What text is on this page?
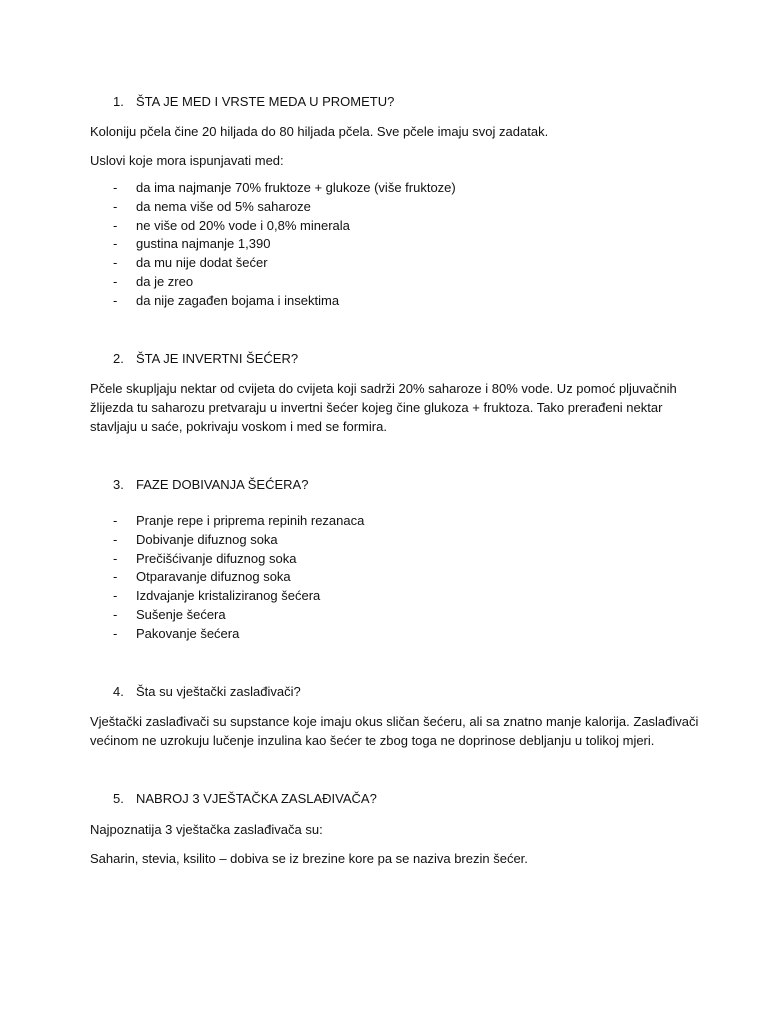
1. ŠTA JE MED I VRSTE MEDA U PROMETU?

Koloniju pčela čine 20 hiljada do 80 hiljada pčela. Sve pčele imaju svoj zadatak.

Uslovi koje mora ispunjavati med:

- da ima najmanje 70% fruktoze + glukoze (više fruktoze)
- da nema više od 5% saharoze
- ne više od 20% vode i 0,8% minerala
- gustina najmanje 1,390
- da mu nije dodat šećer
- da je zreo
- da nije zagađen bojama i insektima
2. ŠTA JE INVERTNI ŠEĆER?

Pčele skupljaju nektar od cvijeta do cvijeta koji sadrži 20% saharoze i 80% vode. Uz pomoć pljuvačnih

žlijezda tu saharozu pretvaraju u invertni šećer kojeg čine glukoza + fruktoza. Tako prerađeni nektar

stavljaju u saće, pokrivaju voskom i med se formira.

3. FAZE DOBIVANJA ŠEĆERA?
- Pranje repe i priprema repinih rezanaca
- Dobivanje difuznog soka
- Prečišćivanje difuznog soka
- Otparavanje difuznog soka
- Izdvajanje kristaliziranog šećera
- Sušenje šećera
- Pakovanje šećera
4. Šta su vještački zaslađivači?

Vještački zaslađivači su supstance koje imaju okus sličan šećeru, ali sa znatno manje kalorija. Zaslađivači

većinom ne uzrokuju lučenje inzulina kao šećer te zbog toga ne doprinose debljanju u tolikoj mjeri.

5. NABROJ 3 VJEŠTAČKA ZASLAĐIVAČA?

Najpoznatija 3 vještačka zaslađivača su:

Saharin, stevia, ksilito – dobiva se iz brezine kore pa se naziva brezin šećer.
